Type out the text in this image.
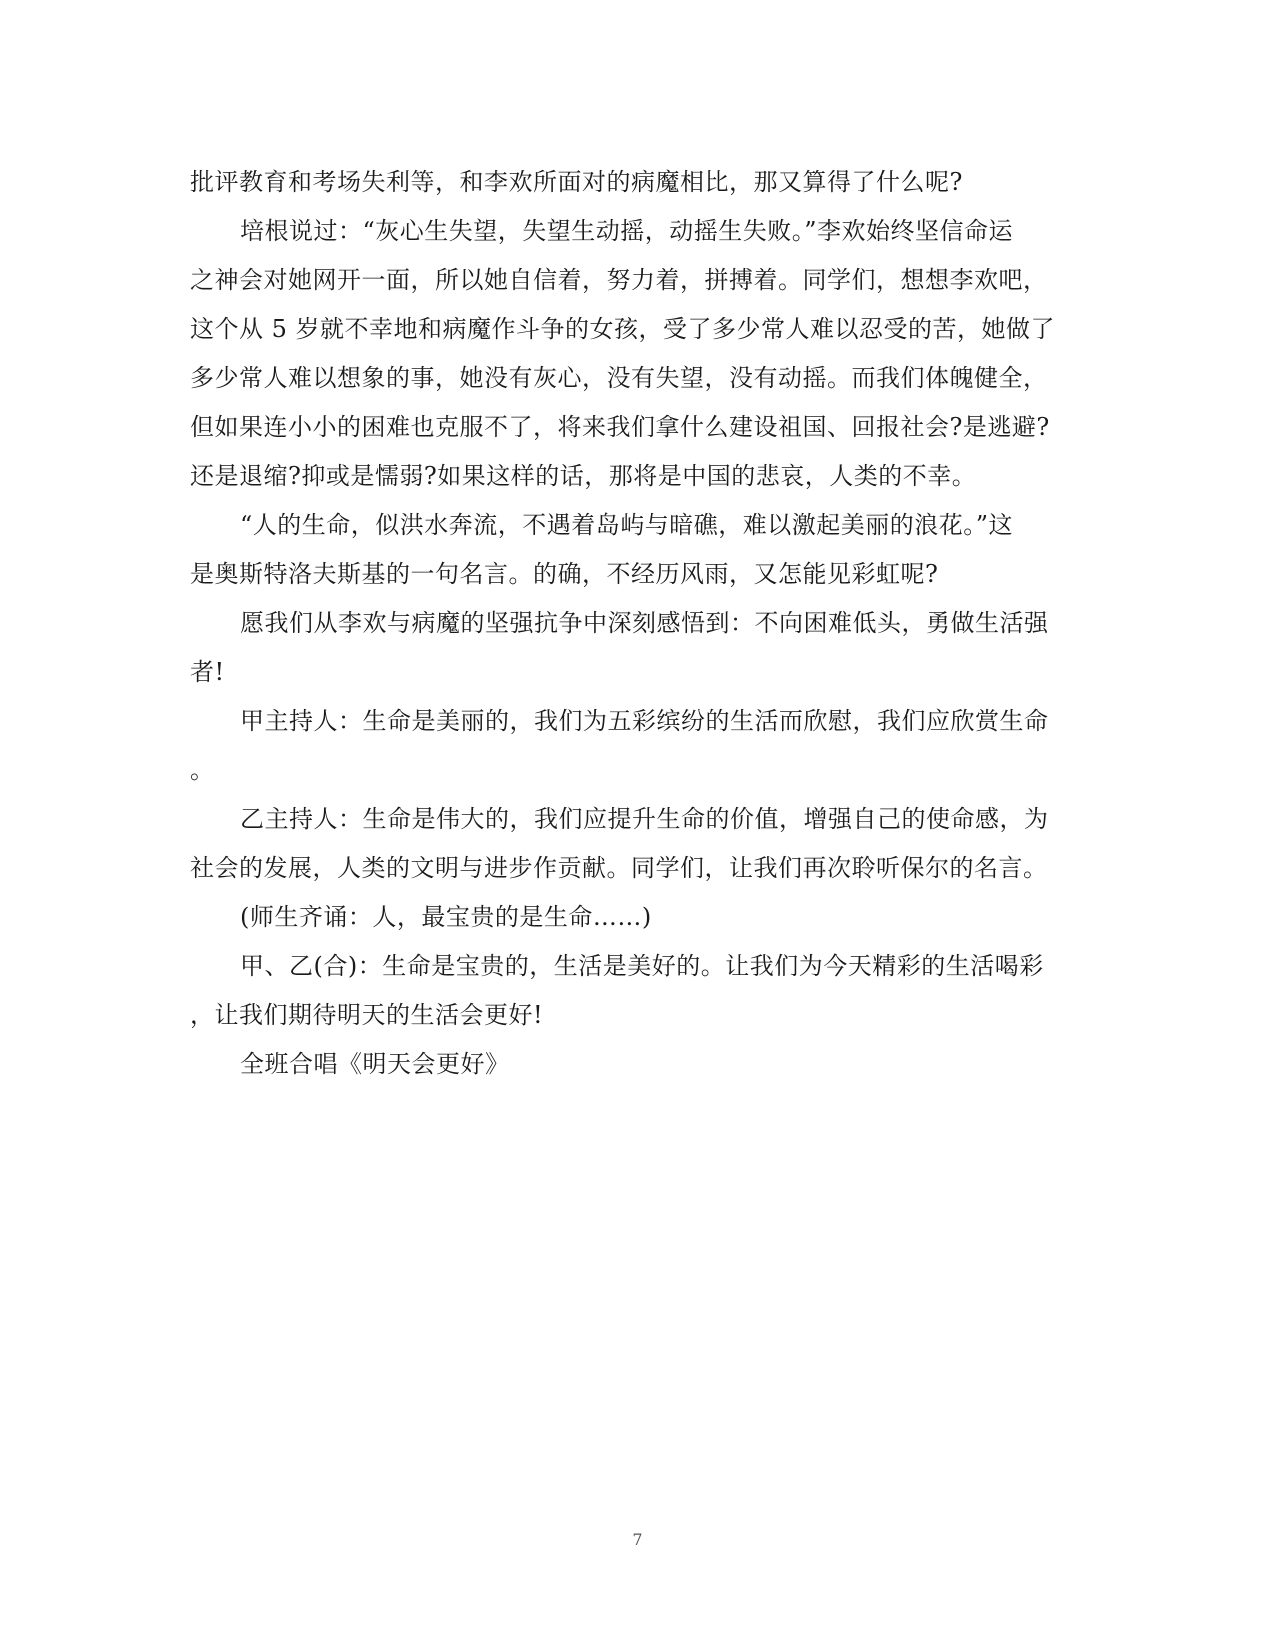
批评教育和考场失利等，和李欢所面对的病魔相比，那又算得了什么呢?
培根说过：“灰心生失望，失望生动摇，动摇生失败。”李欢始终坚信命运
之神会对她网开一面，所以她自信着，努力着，拼搏着。同学们，想想李欢吧，
这个从 5 岁就不幸地和病魔作斗争的女孩，受了多少常人难以忍受的苦，她做了
多少常人难以想象的事，她没有灰心，没有失望，没有动摇。而我们体魄健全，
但如果连小小的困难也克服不了，将来我们拿什么建设祖国、回报社会?是逃避?
还是退缩?抑或是懦弱?如果这样的话，那将是中国的悲哀，人类的不幸。
“人的生命，似洪水奔流，不遇着岛屿与暗礁，难以激起美丽的浪花。”这
是奥斯特洛夫斯基的一句名言。的确，不经历风雨，又怎能见彩虹呢?
愿我们从李欢与病魔的坚强抗争中深刻感悟到：不向困难低头，勇做生活强
者!
甲主持人：生命是美丽的，我们为五彩缤纷的生活而欣慰，我们应欣赏生命
。
乙主持人：生命是伟大的，我们应提升生命的价值，增强自己的使命感，为
社会的发展，人类的文明与进步作贡献。同学们，让我们再次聆听保尔的名言。
(师生齐诵：人，最宝贵的是生命……)
甲、乙(合)：生命是宝贵的，生活是美好的。让我们为今天精彩的生活喝彩
，让我们期待明天的生活会更好!
全班合唱《明天会更好》
7
